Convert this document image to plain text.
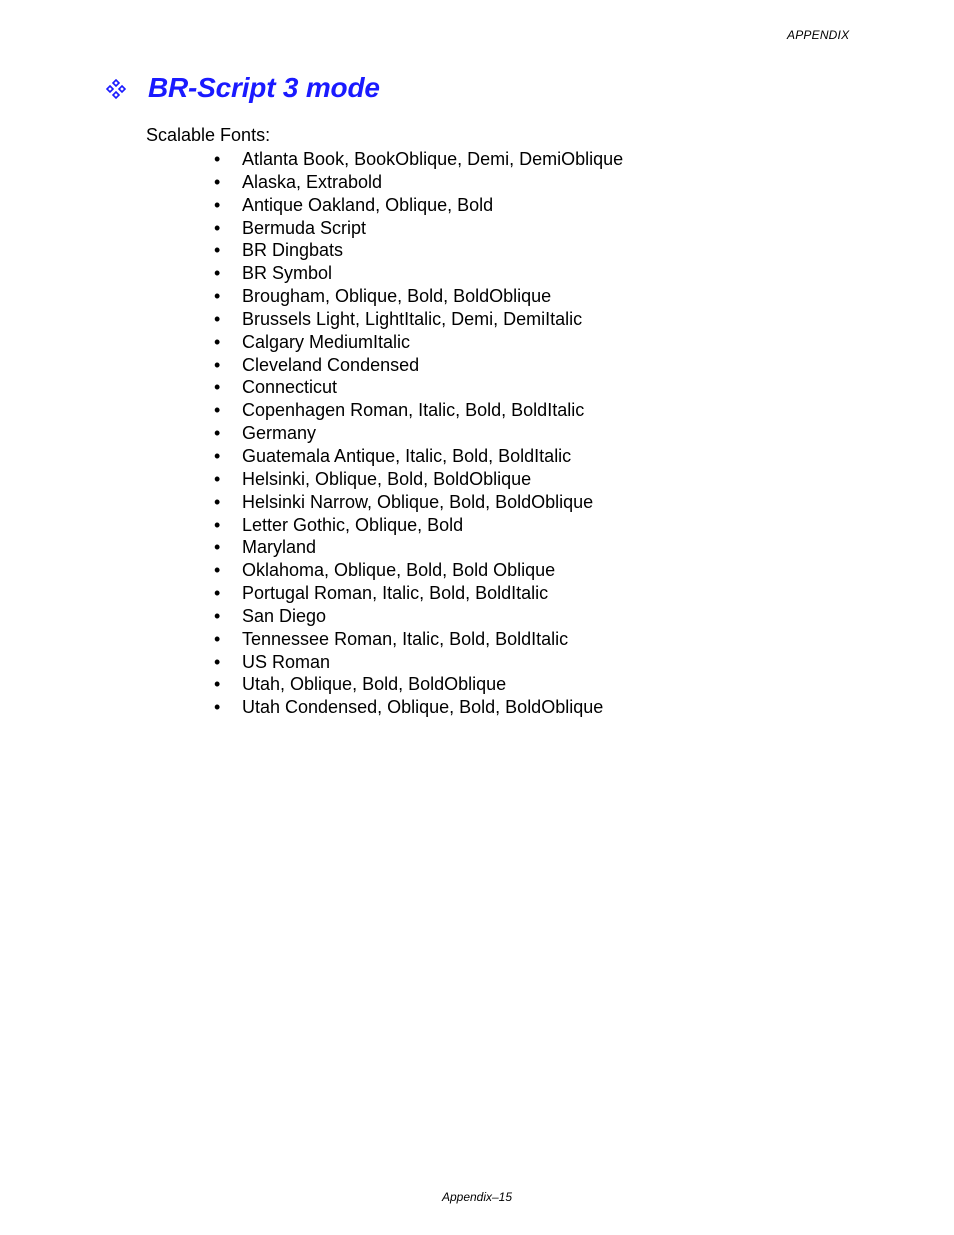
APPENDIX
BR-Script 3 mode
Scalable Fonts:
• Atlanta Book, BookOblique, Demi, DemiOblique
• Alaska, Extrabold
• Antique Oakland, Oblique, Bold
• Bermuda Script
• BR Dingbats
• BR Symbol
• Brougham, Oblique, Bold, BoldOblique
• Brussels Light, LightItalic, Demi, DemiItalic
• Calgary MediumItalic
• Cleveland Condensed
• Connecticut
• Copenhagen Roman, Italic, Bold, BoldItalic
• Germany
• Guatemala Antique, Italic, Bold, BoldItalic
• Helsinki, Oblique, Bold, BoldOblique
• Helsinki Narrow, Oblique, Bold, BoldOblique
• Letter Gothic, Oblique, Bold
• Maryland
• Oklahoma, Oblique, Bold, Bold Oblique
• Portugal Roman, Italic, Bold, BoldItalic
• San Diego
• Tennessee Roman, Italic, Bold, BoldItalic
• US Roman
• Utah, Oblique, Bold, BoldOblique
• Utah Condensed, Oblique, Bold, BoldOblique
Appendix–15
